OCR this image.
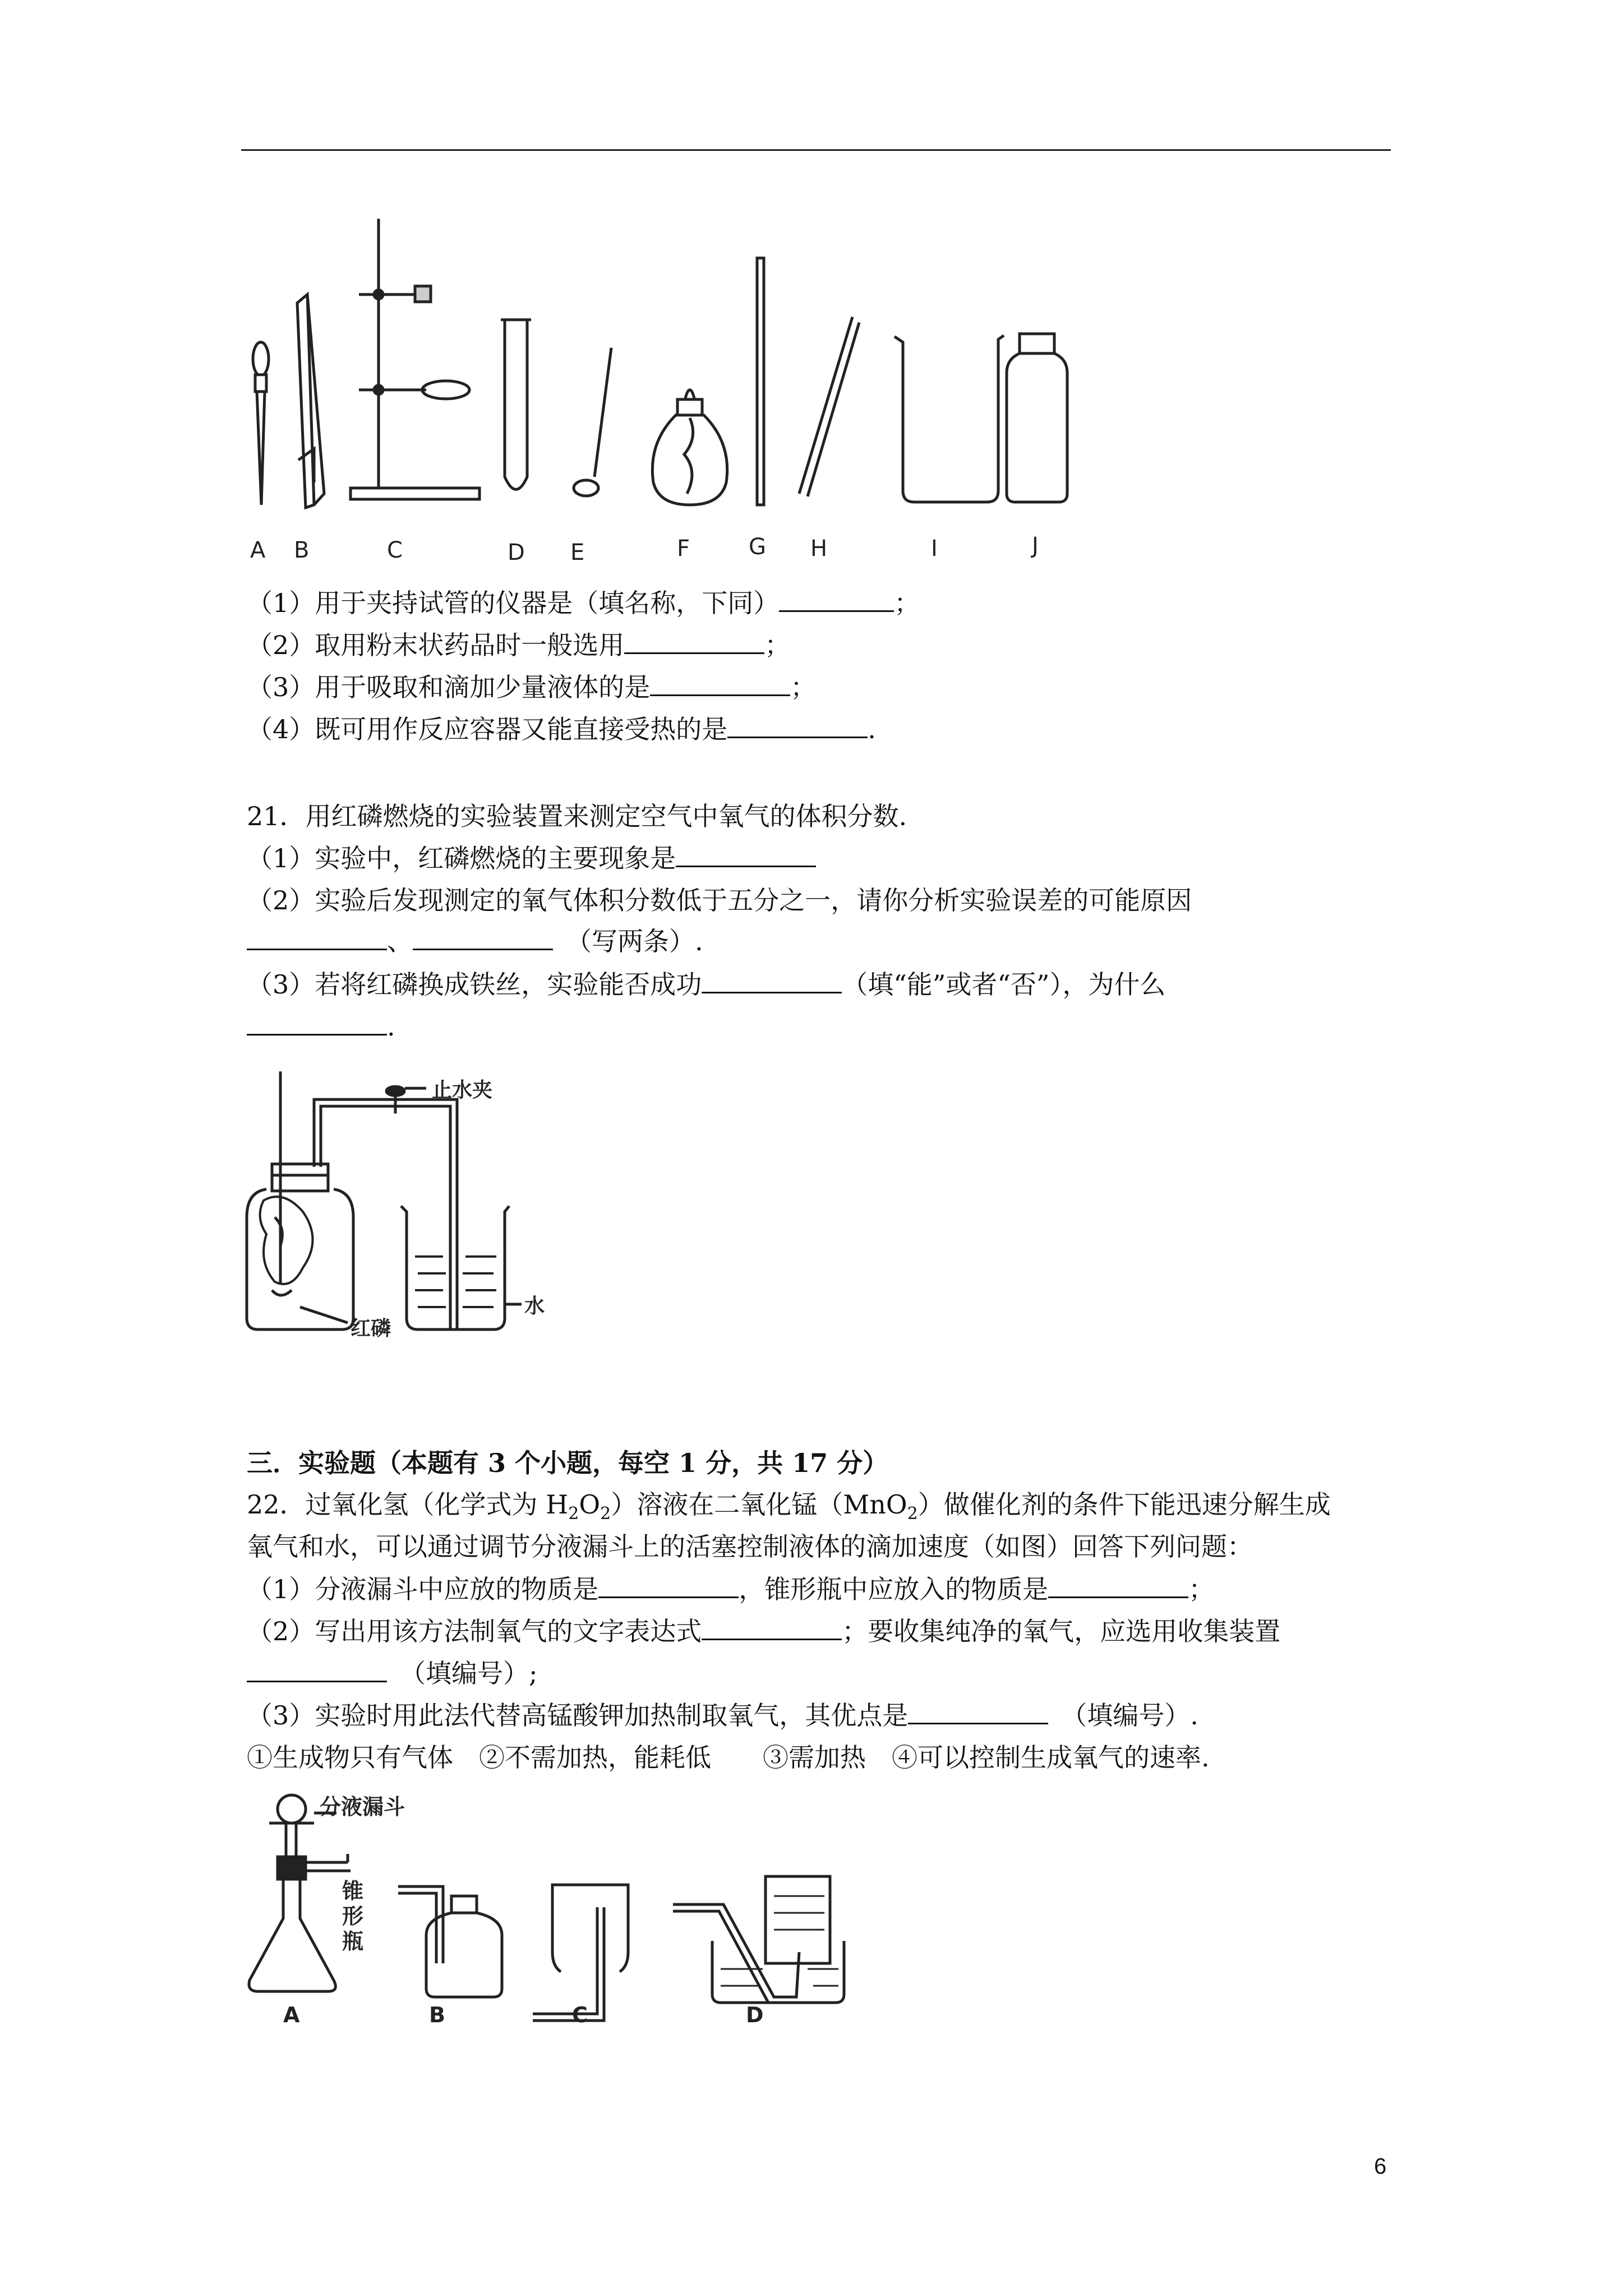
A B	C	D E	F	G H	I	J
（1）用于夹持试管的仪器是（填名称，下同）	；
（2）取用粉末状药品时一般选用	；
（3）用于吸取和滴加少量液体的是	；
（4）既可用作反应容器又能直接受热的是	.
21．用红磷燃烧的实验装置来测定空气中氧气的体积分数.
（1）实验中，红磷燃烧的主要现象是
（2）实验后发现测定的氧气体积分数低于五分之一，请你分析实验误差的可能原因
、　	（写两条）.
（3）若将红磷换成铁丝，实验能否成功	（填“能”或者“否”），为什么
.
止水夹
红磷
水
三．实验题（本题有 3 个小题，每空 1 分，共 17 分）
22．过氧化氢（化学式为 $H_2O_2$）溶液在二氧化锰（MnO$_2$）做催化剂的条件下能迅速分解生成
氧气和水，可以通过调节分液漏斗上的活塞控制液体的滴加速度（如图）回答下列问题：
（1）分液漏斗中应放的物质是	，锥形瓶中应放入的物质是	；
（2）写出用该方法制氧气的文字表达式	；要收集纯净的氧气，应选用收集装置
　（填编号）;
（3）实验时用此法代替高锰酸钾加热制取氧气，其优点是　	（填编号）.
①生成物只有气体　②不需加热，能耗低　　③需加热　④可以控制生成氧气的速率.
分液漏斗
锥
形
瓶
A	B	C	D
6
